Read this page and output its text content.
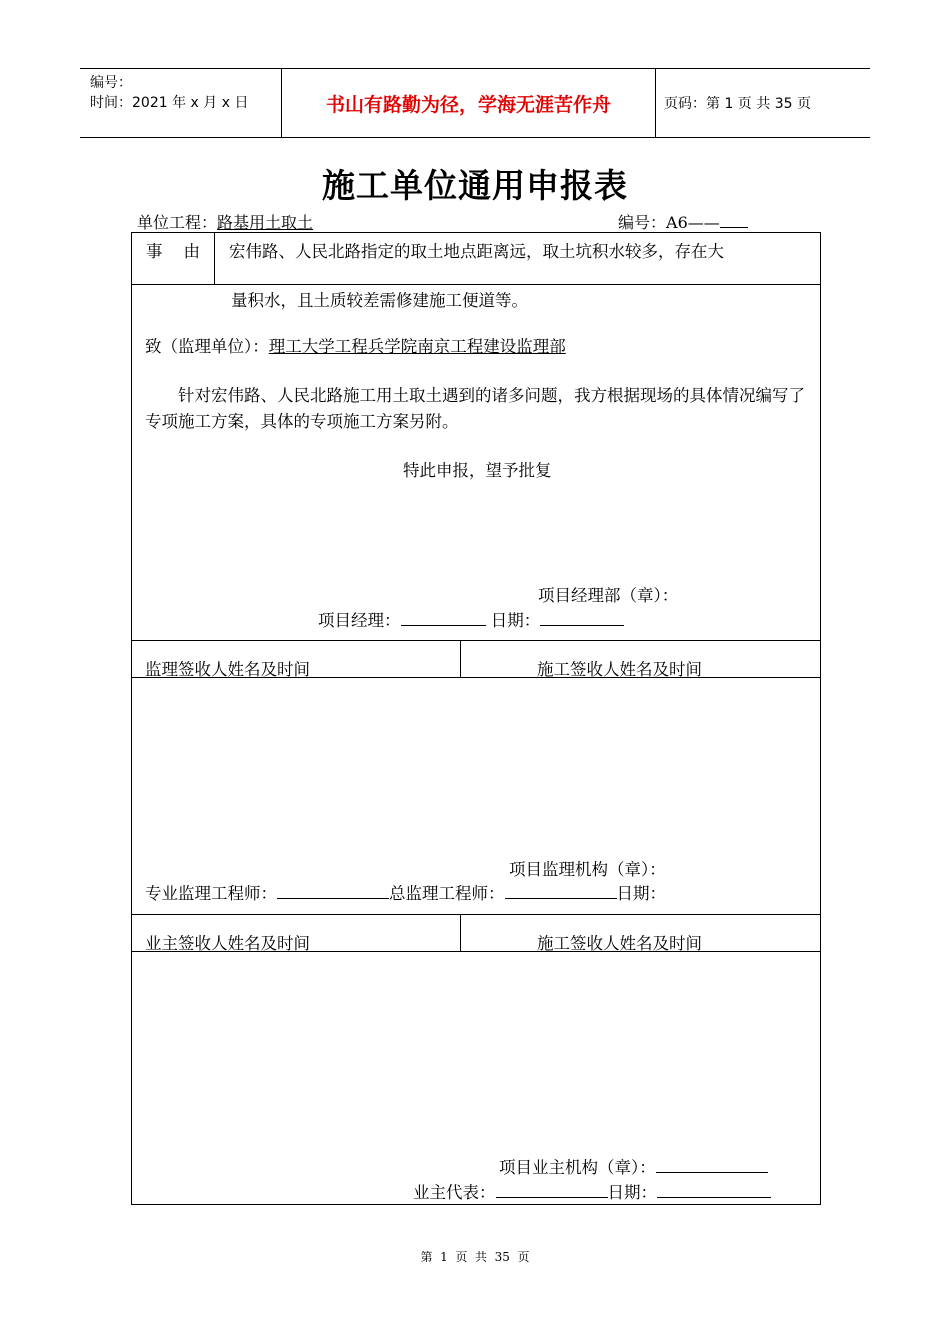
编号：
时间：2021 年 x 月 x 日	书山有路勤为径，学海无涯苦作舟	页码：第 1 页 共 35 页
施工单位通用申报表
单位工程：路基用土取土	编号：A6——
事    由 宏伟路、人民北路指定的取土地点距离远，取土坑积水较多，存在大
量积水，且土质较差需修建施工便道等。
致（监理单位）：理工大学工程兵学院南京工程建设监理部
针对宏伟路、人民北路施工用土取土遇到的诸多问题，我方根据现场的具体情况编写了专项施工方案，具体的专项施工方案另附。
特此申报，望予批复
项目经理部（章）：
项目经理：	日期：
监理签收人姓名及时间	施工签收人姓名及时间
项目监理机构（章）：
专业监理工程师：	总监理工程师：	日期：
业主签收人姓名及时间	施工签收人姓名及时间
项目业主机构（章）：
业主代表：	日期：
第  1  页  共  35  页
